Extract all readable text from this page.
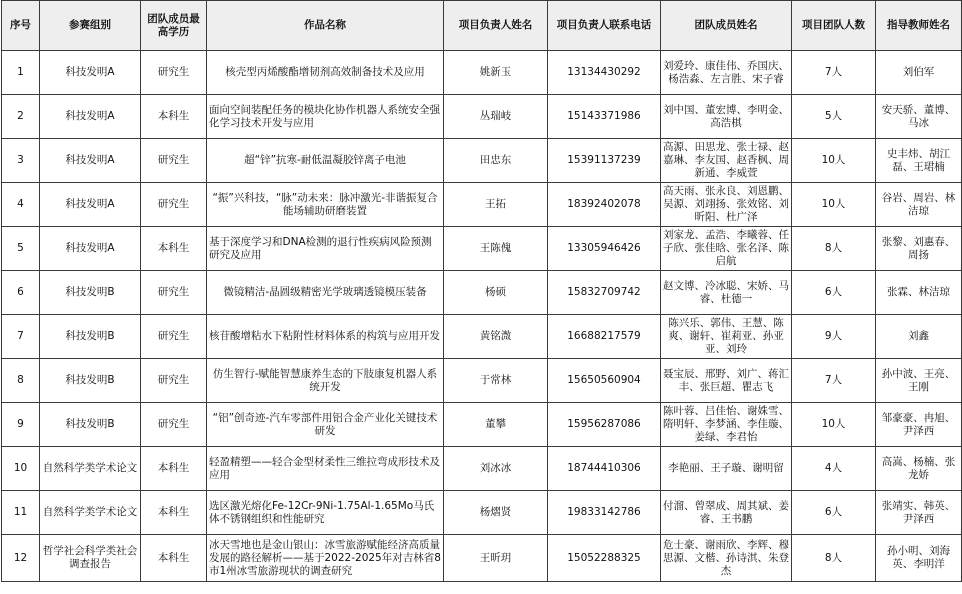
序号	参赛组别	团队成员最高学历	作品名称	项目负责人姓名	项目负责人联系电话	团队成员姓名	项目团队人数	指导教师姓名
1	科技发明A	研究生	核壳型丙烯酸酯增韧剂高效制备技术及应用	姚新玉	13134430292	刘爱玲、康佳伟、乔国庆、杨浩淼、左言胜、宋子睿	7人	刘伯军
2	科技发明A	本科生	面向空间装配任务的模块化协作机器人系统安全强化学习技术开发与应用	丛瑞岐	15143371986	刘中国、董宏博、李明金、高浩棋	5人	安天骄、董博、马冰
3	科技发明A	研究生	超“锌”抗寒-耐低温凝胶锌离子电池	田忠东	15391137239	高源、田思龙、张士禄、赵嘉琳、李友国、赵香枫、周新通、李威萱	10人	史丰炜、胡江磊、王珺楠
4	科技发明A	研究生	“振”兴科技，“脉”动未来：脉冲激光-非谐振复合能场辅助研磨装置	王拓	18392402078	高天雨、张永良、刘恩鹏、吴源、刘翊扬、张效铭、刘昕阳、杜广泽	10人	谷岩、周岩、林洁琼
5	科技发明A	本科生	基于深度学习和DNA检测的退行性疾病风险预测研究及应用	王陈傀	13305946426	刘家龙、孟浩、李曦蓉、任子欣、张佳晗、张名泽、陈启航	8人	张黎、刘惠春、周扬
6	科技发明B	研究生	微镜精洁-晶圆级精密光学玻璃透镜模压装备	杨硕	15832709742	赵文博、冷冰聪、宋娇、马睿、杜德一	6人	张霖、林洁琼
7	科技发明B	研究生	核苷酸增粘水下粘附性材料体系的构筑与应用开发	黄铭溦	16688217579	陈兴乐、郭伟、王慧、陈爽、谢轩、崔莉亚、孙亚亚、刘玲	9人	刘鑫
8	科技发明B	研究生	仿生智行-赋能智慧康养生态的下肢康复机器人系统开发	于常林	15650560904	聂宝辰、邢野、刘广、蒋汇丰、张巨超、瞿志飞	7人	孙中波、王亮、王刚
9	科技发明B	研究生	“铝”创奇迹-汽车零部件用铝合金产业化关键技术研发	董攀	15956287086	陈叶蓉、吕佳怡、谢姝雪、隋明轩、李梦涵、李佳璇、姜绿、李君怡	10人	邹豪豪、冉旭、尹泽西
10	自然科学类学术论文	本科生	轻盈精塑——轻合金型材柔性三维拉弯成形技术及应用	刘冰冰	18744410306	李艳丽、王子璇、谢明留	4人	高嵩、杨楠、张龙娇
11	自然科学类学术论文	本科生	选区激光熔化Fe-12Cr-9Ni-1.75Al-1.65Mo马氏体不锈钢组织和性能研究	杨熠贤	19833142786	付溜、曾翠成、周其斌、姜睿、王书鹏	6人	张靖实、韩英、尹泽西
12	哲学社会科学类社会调查报告	本科生	冰天雪地也是金山银山：冰雪旅游赋能经济高质量发展的路径解析——基于2022-2025年对吉林省8市1州冰雪旅游现状的调查研究	王昕玥	15052288325	危士豪、谢雨欣、李辉、穆思源、文楷、孙诗淇、朱登杰	8人	孙小明、刘海英、李明洋
